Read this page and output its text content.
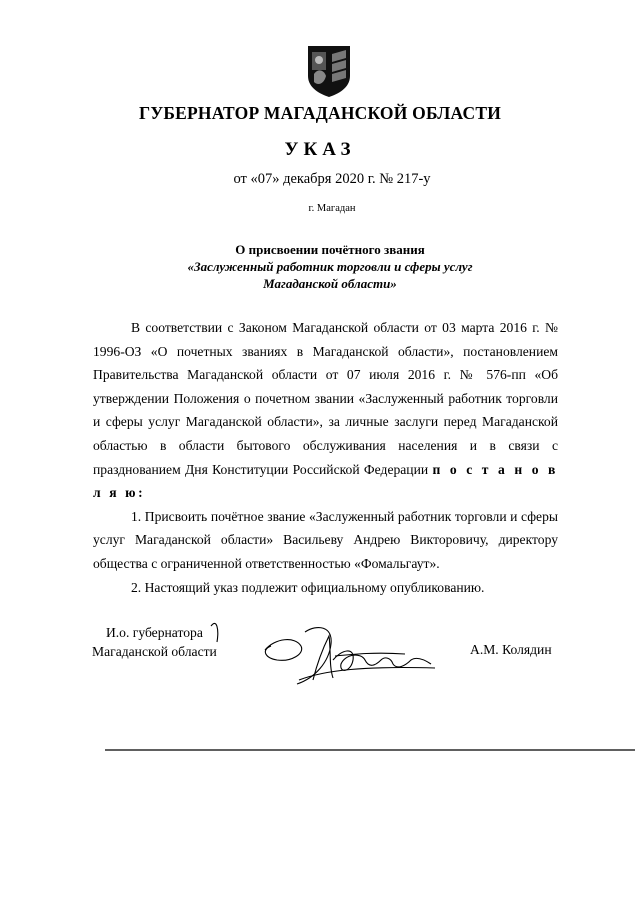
ГУБЕРНАТОР МАГАДАНСКОЙ ОБЛАСТИ
УКАЗ
от «07» декабря 2020 г. № 217-у
г. Магадан
О присвоении почётного звания
«Заслуженный работник торговли и сферы услуг
Магаданской области»

В соответствии с Законом Магаданской области от 03 марта 2016 г. № 1996-ОЗ «О почетных званиях в Магаданской области», постановлением Правительства Магаданской области от 07 июля 2016 г. № 576-пп «Об утверждении Положения о почетном звании «Заслуженный работник торговли и сферы услуг Магаданской области», за личные заслуги перед Магаданской областью в области бытового обслуживания населения и в связи с празднованием Дня Конституции Российской Федерации п о с т а н о в л я ю:

1. Присвоить почётное звание «Заслуженный работник торговли и сферы услуг Магаданской области» Васильеву Андрею Викторовичу, директору общества с ограниченной ответственностью «Фомальгаут».

2. Настоящий указ подлежит официальному опубликованию.

И.о. губернатора
Магаданской области	А.М. Колядин
